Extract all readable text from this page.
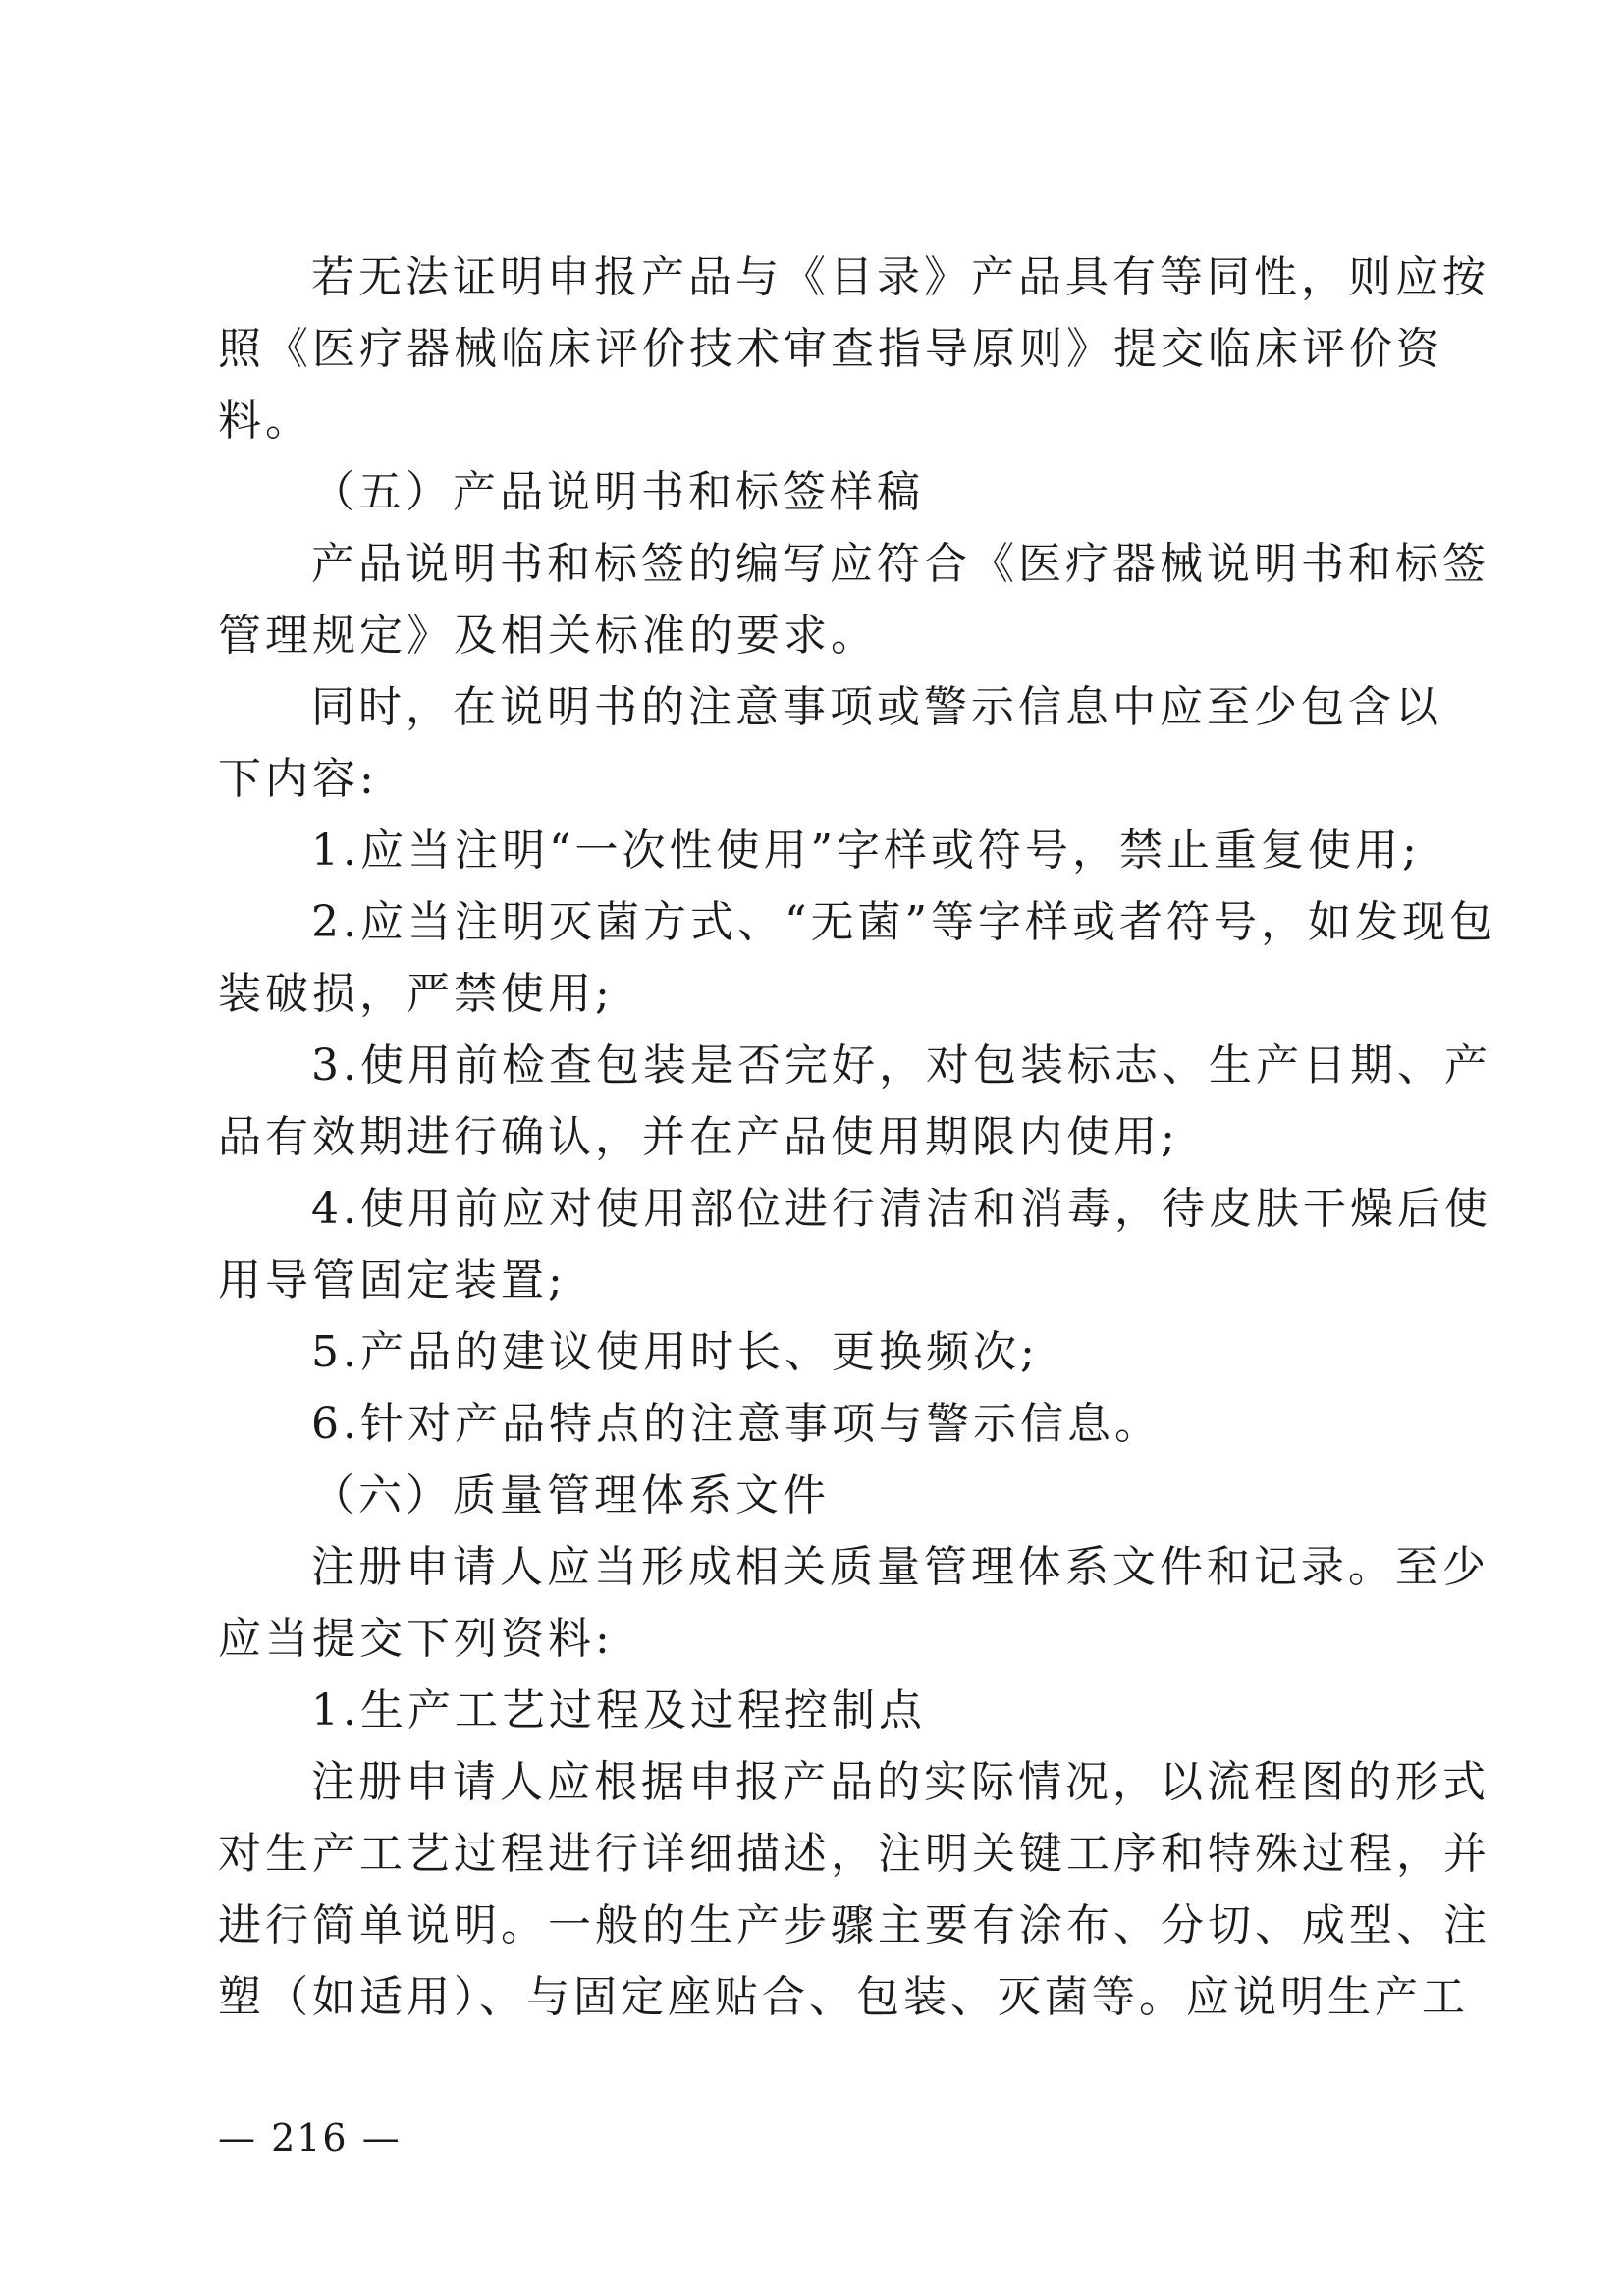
若无法证明申报产品与《目录》产品具有等同性，则应按
照《医疗器械临床评价技术审查指导原则》提交临床评价资
料。
（五）产品说明书和标签样稿
产品说明书和标签的编写应符合《医疗器械说明书和标签
管理规定》及相关标准的要求。
同时，在说明书的注意事项或警示信息中应至少包含以
下内容:
1.应当注明“一次性使用”字样或符号，禁止重复使用;
2.应当注明灭菌方式、“无菌”等字样或者符号，如发现包
装破损，严禁使用;
3.使用前检查包装是否完好，对包装标志、生产日期、产
品有效期进行确认，并在产品使用期限内使用;
4.使用前应对使用部位进行清洁和消毒，待皮肤干燥后使
用导管固定装置;
5.产品的建议使用时长、更换频次;
6.针对产品特点的注意事项与警示信息。
（六）质量管理体系文件
注册申请人应当形成相关质量管理体系文件和记录。至少
应当提交下列资料:
1.生产工艺过程及过程控制点
注册申请人应根据申报产品的实际情况，以流程图的形式
对生产工艺过程进行详细描述，注明关键工序和特殊过程，并
进行简单说明。一般的生产步骤主要有涂布、分切、成型、注
塑（如适用）、与固定座贴合、包装、灭菌等。应说明生产工
— 216 —
